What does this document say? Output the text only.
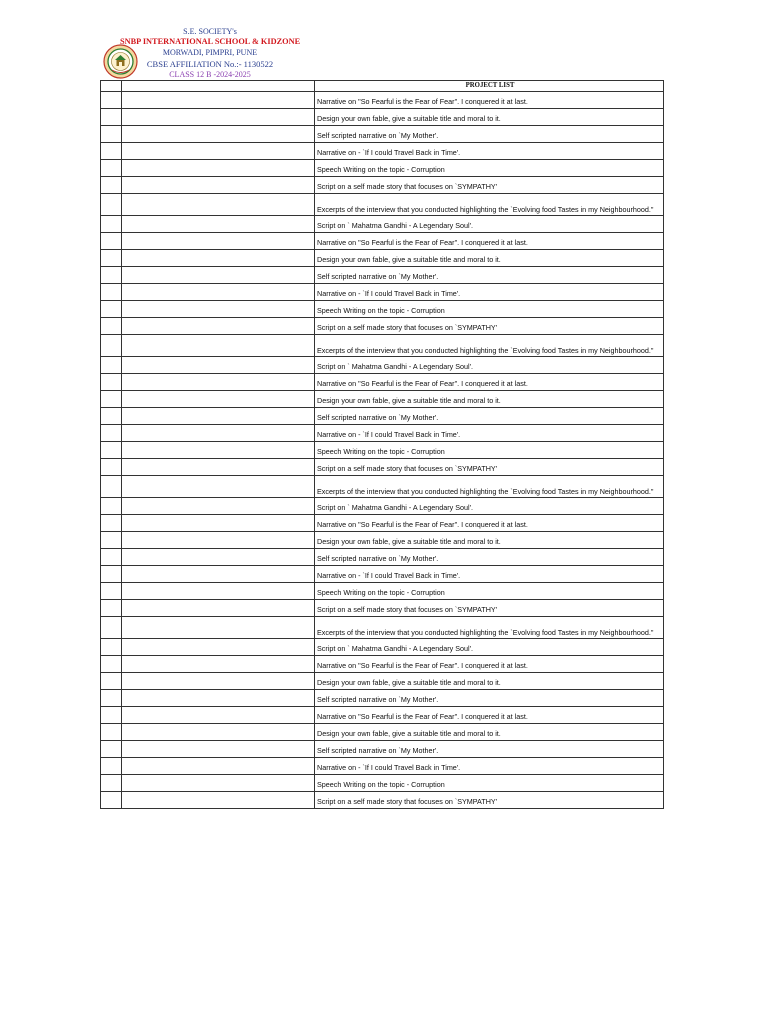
S.E. SOCIETY's
SNBP INTERNATIONAL SCHOOL & KIDZONE
MORWADI, PIMPRI, PUNE
CBSE AFFILIATION No.:- 1130522
CLASS 12 B -2024-2025
		PROJECT LIST
		Narrative on "So Fearful is the Fear of Fear". I conquered it at last.
		Design your own fable, give a suitable title and moral to it.
		Self scripted narrative on `My Mother'.
		Narrative on - `If I could Travel Back in Time'.
		Speech Writing on the topic - Corruption
		Script on a self made story that focuses on `SYMPATHY'
		Excerpts of the interview that you conducted highlighting the `Evolving food Tastes in my Neighbourhood."
		Script on ` Mahatma Gandhi - A Legendary Soul'.
		Narrative on "So Fearful is the Fear of Fear". I conquered it at last.
		Design your own fable, give a suitable title and moral to it.
		Self scripted narrative on `My Mother'.
		Narrative on - `If I could Travel Back in Time'.
		Speech Writing on the topic - Corruption
		Script on a self made story that focuses on `SYMPATHY'
		Excerpts of the interview that you conducted highlighting the `Evolving food Tastes in my Neighbourhood."
		Script on ` Mahatma Gandhi - A Legendary Soul'.
		Narrative on "So Fearful is the Fear of Fear". I conquered it at last.
		Design your own fable, give a suitable title and moral to it.
		Self scripted narrative on `My Mother'.
		Narrative on - `If I could Travel Back in Time'.
		Speech Writing on the topic - Corruption
		Script on a self made story that focuses on `SYMPATHY'
		Excerpts of the interview that you conducted highlighting the `Evolving food Tastes in my Neighbourhood."
		Script on ` Mahatma Gandhi - A Legendary Soul'.
		Narrative on "So Fearful is the Fear of Fear". I conquered it at last.
		Design your own fable, give a suitable title and moral to it.
		Self scripted narrative on `My Mother'.
		Narrative on - `If I could Travel Back in Time'.
		Speech Writing on the topic - Corruption
		Script on a self made story that focuses on `SYMPATHY'
		Excerpts of the interview that you conducted highlighting the `Evolving food Tastes in my Neighbourhood."
		Script on ` Mahatma Gandhi - A Legendary Soul'.
		Narrative on "So Fearful is the Fear of Fear". I conquered it at last.
		Design your own fable, give a suitable title and moral to it.
		Self scripted narrative on `My Mother'.
		Narrative on "So Fearful is the Fear of Fear". I conquered it at last.
		Design your own fable, give a suitable title and moral to it.
		Self scripted narrative on `My Mother'.
		Narrative on - `If I could Travel Back in Time'.
		Speech Writing on the topic - Corruption
		Script on a self made story that focuses on `SYMPATHY'
